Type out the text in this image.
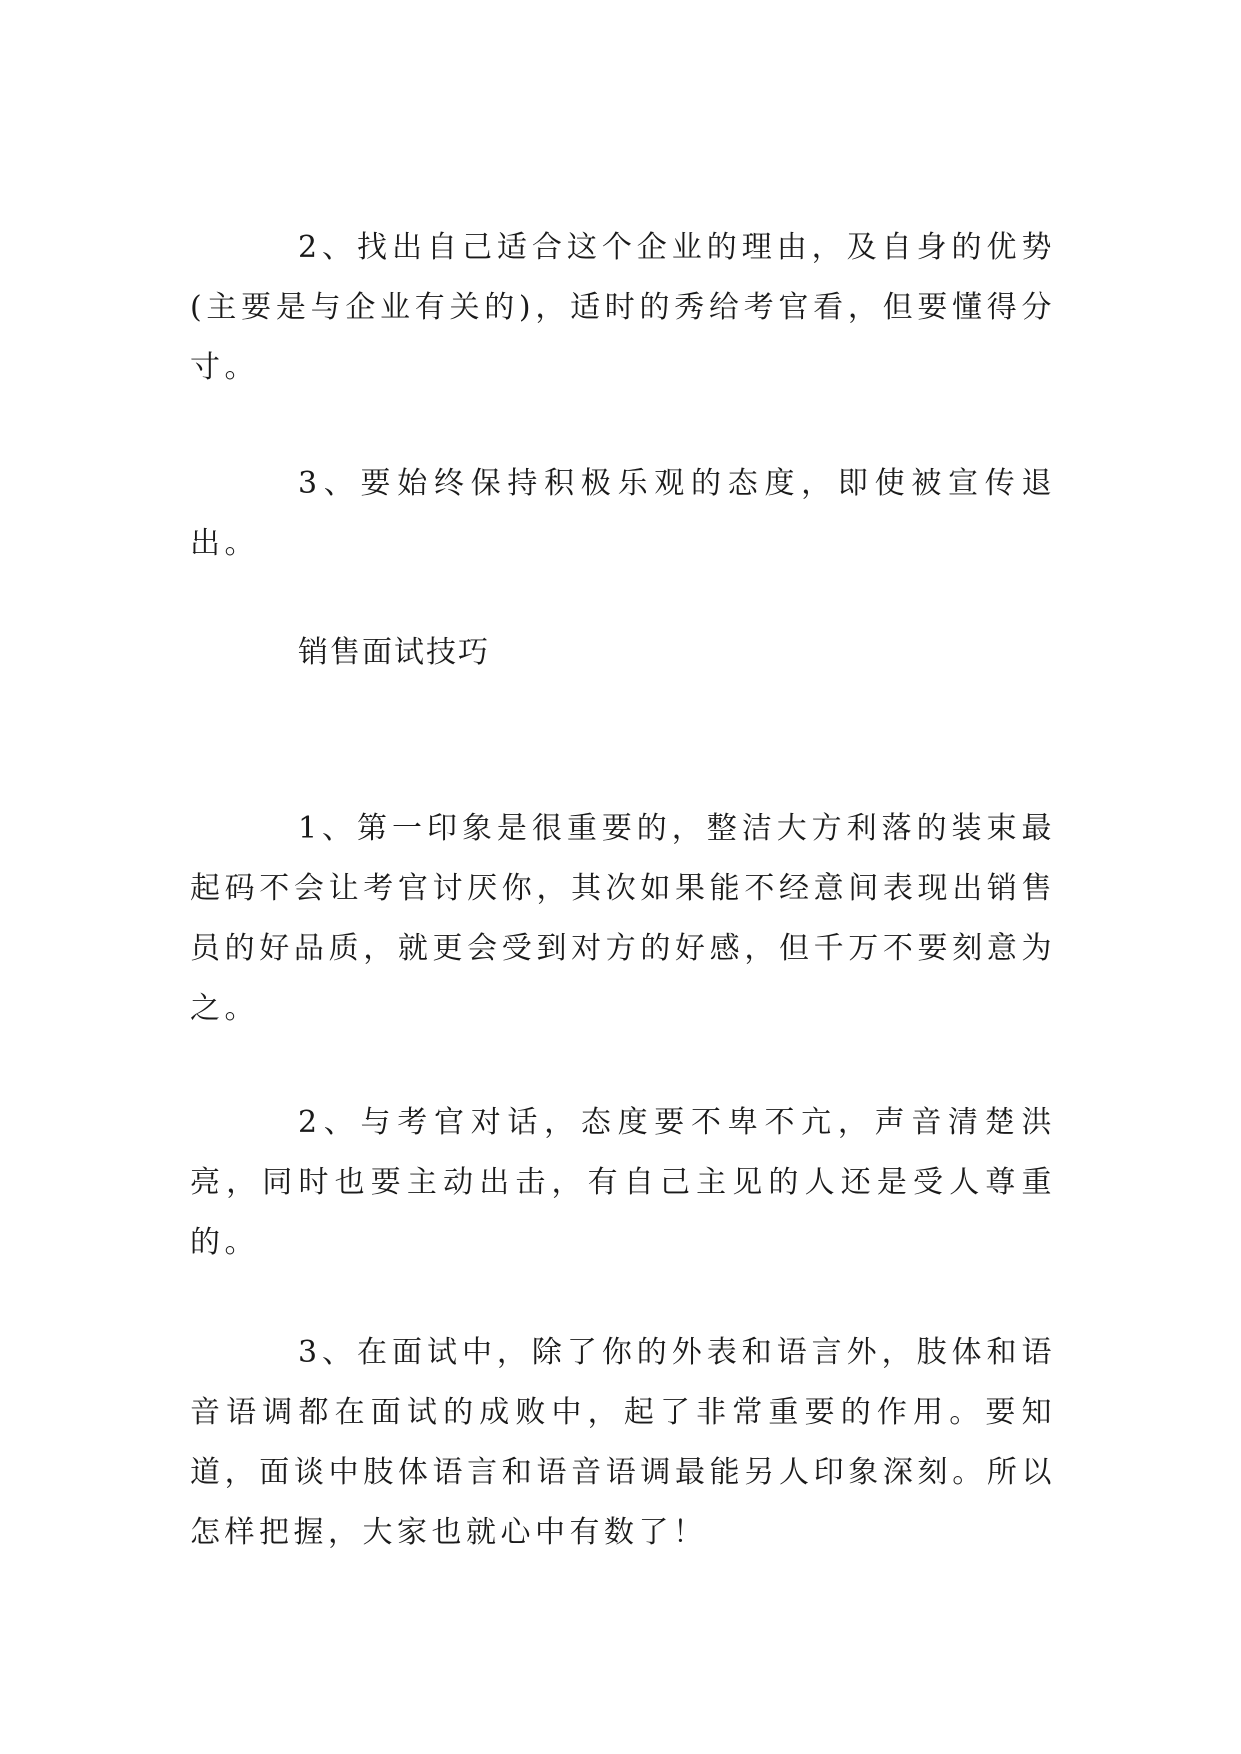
2、找出自己适合这个企业的理由，及自身的优势(主要是与企业有关的)，适时的秀给考官看，但要懂得分寸。

3、要始终保持积极乐观的态度，即使被宣传退出。

销售面试技巧

1、第一印象是很重要的，整洁大方利落的装束最起码不会让考官讨厌你，其次如果能不经意间表现出销售员的好品质，就更会受到对方的好感，但千万不要刻意为之。

2、与考官对话，态度要不卑不亢，声音清楚洪亮，同时也要主动出击，有自己主见的人还是受人尊重的。

3、在面试中，除了你的外表和语言外，肢体和语音语调都在面试的成败中，起了非常重要的作用。要知道，面谈中肢体语言和语音语调最能另人印象深刻。所以怎样把握，大家也就心中有数了！
